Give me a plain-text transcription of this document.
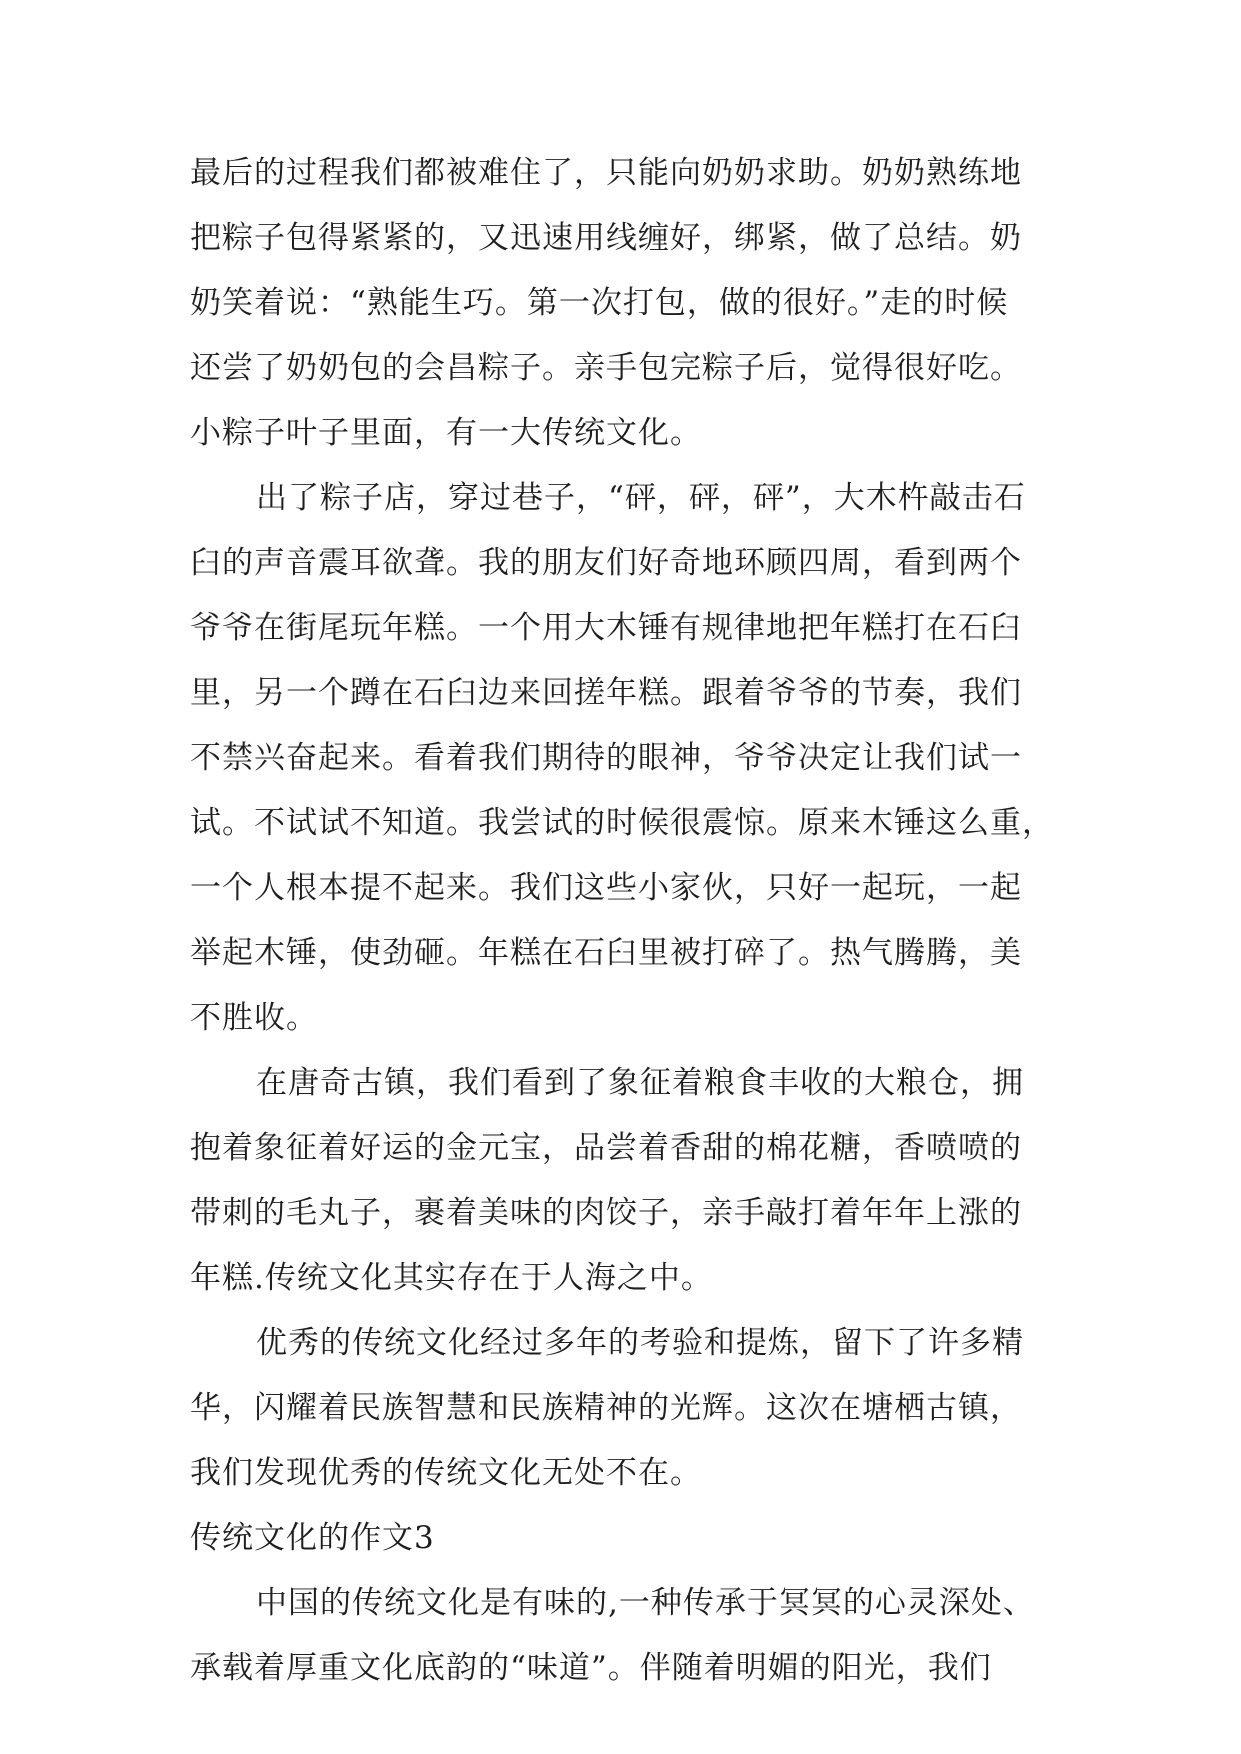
最后的过程我们都被难住了，只能向奶奶求助。奶奶熟练地
把粽子包得紧紧的，又迅速用线缠好，绑紧，做了总结。奶
奶笑着说：“熟能生巧。第一次打包，做的很好。”走的时候
还尝了奶奶包的会昌粽子。亲手包完粽子后，觉得很好吃。
小粽子叶子里面，有一大传统文化。
出了粽子店，穿过巷子，“砰，砰，砰”，大木杵敲击石
臼的声音震耳欲聋。我的朋友们好奇地环顾四周，看到两个
爷爷在街尾玩年糕。一个用大木锤有规律地把年糕打在石臼
里，另一个蹲在石臼边来回搓年糕。跟着爷爷的节奏，我们
不禁兴奋起来。看着我们期待的眼神，爷爷决定让我们试一
试。不试试不知道。我尝试的时候很震惊。原来木锤这么重，
一个人根本提不起来。我们这些小家伙，只好一起玩，一起
举起木锤，使劲砸。年糕在石臼里被打碎了。热气腾腾，美
不胜收。
在唐奇古镇，我们看到了象征着粮食丰收的大粮仓，拥
抱着象征着好运的金元宝，品尝着香甜的棉花糖，香喷喷的
带刺的毛丸子，裹着美味的肉饺子，亲手敲打着年年上涨的
年糕.传统文化其实存在于人海之中。
优秀的传统文化经过多年的考验和提炼，留下了许多精
华，闪耀着民族智慧和民族精神的光辉。这次在塘栖古镇，
我们发现优秀的传统文化无处不在。
传统文化的作文3
中国的传统文化是有味的,一种传承于冥冥的心灵深处、
承载着厚重文化底韵的“味道”。伴随着明媚的阳光，我们
